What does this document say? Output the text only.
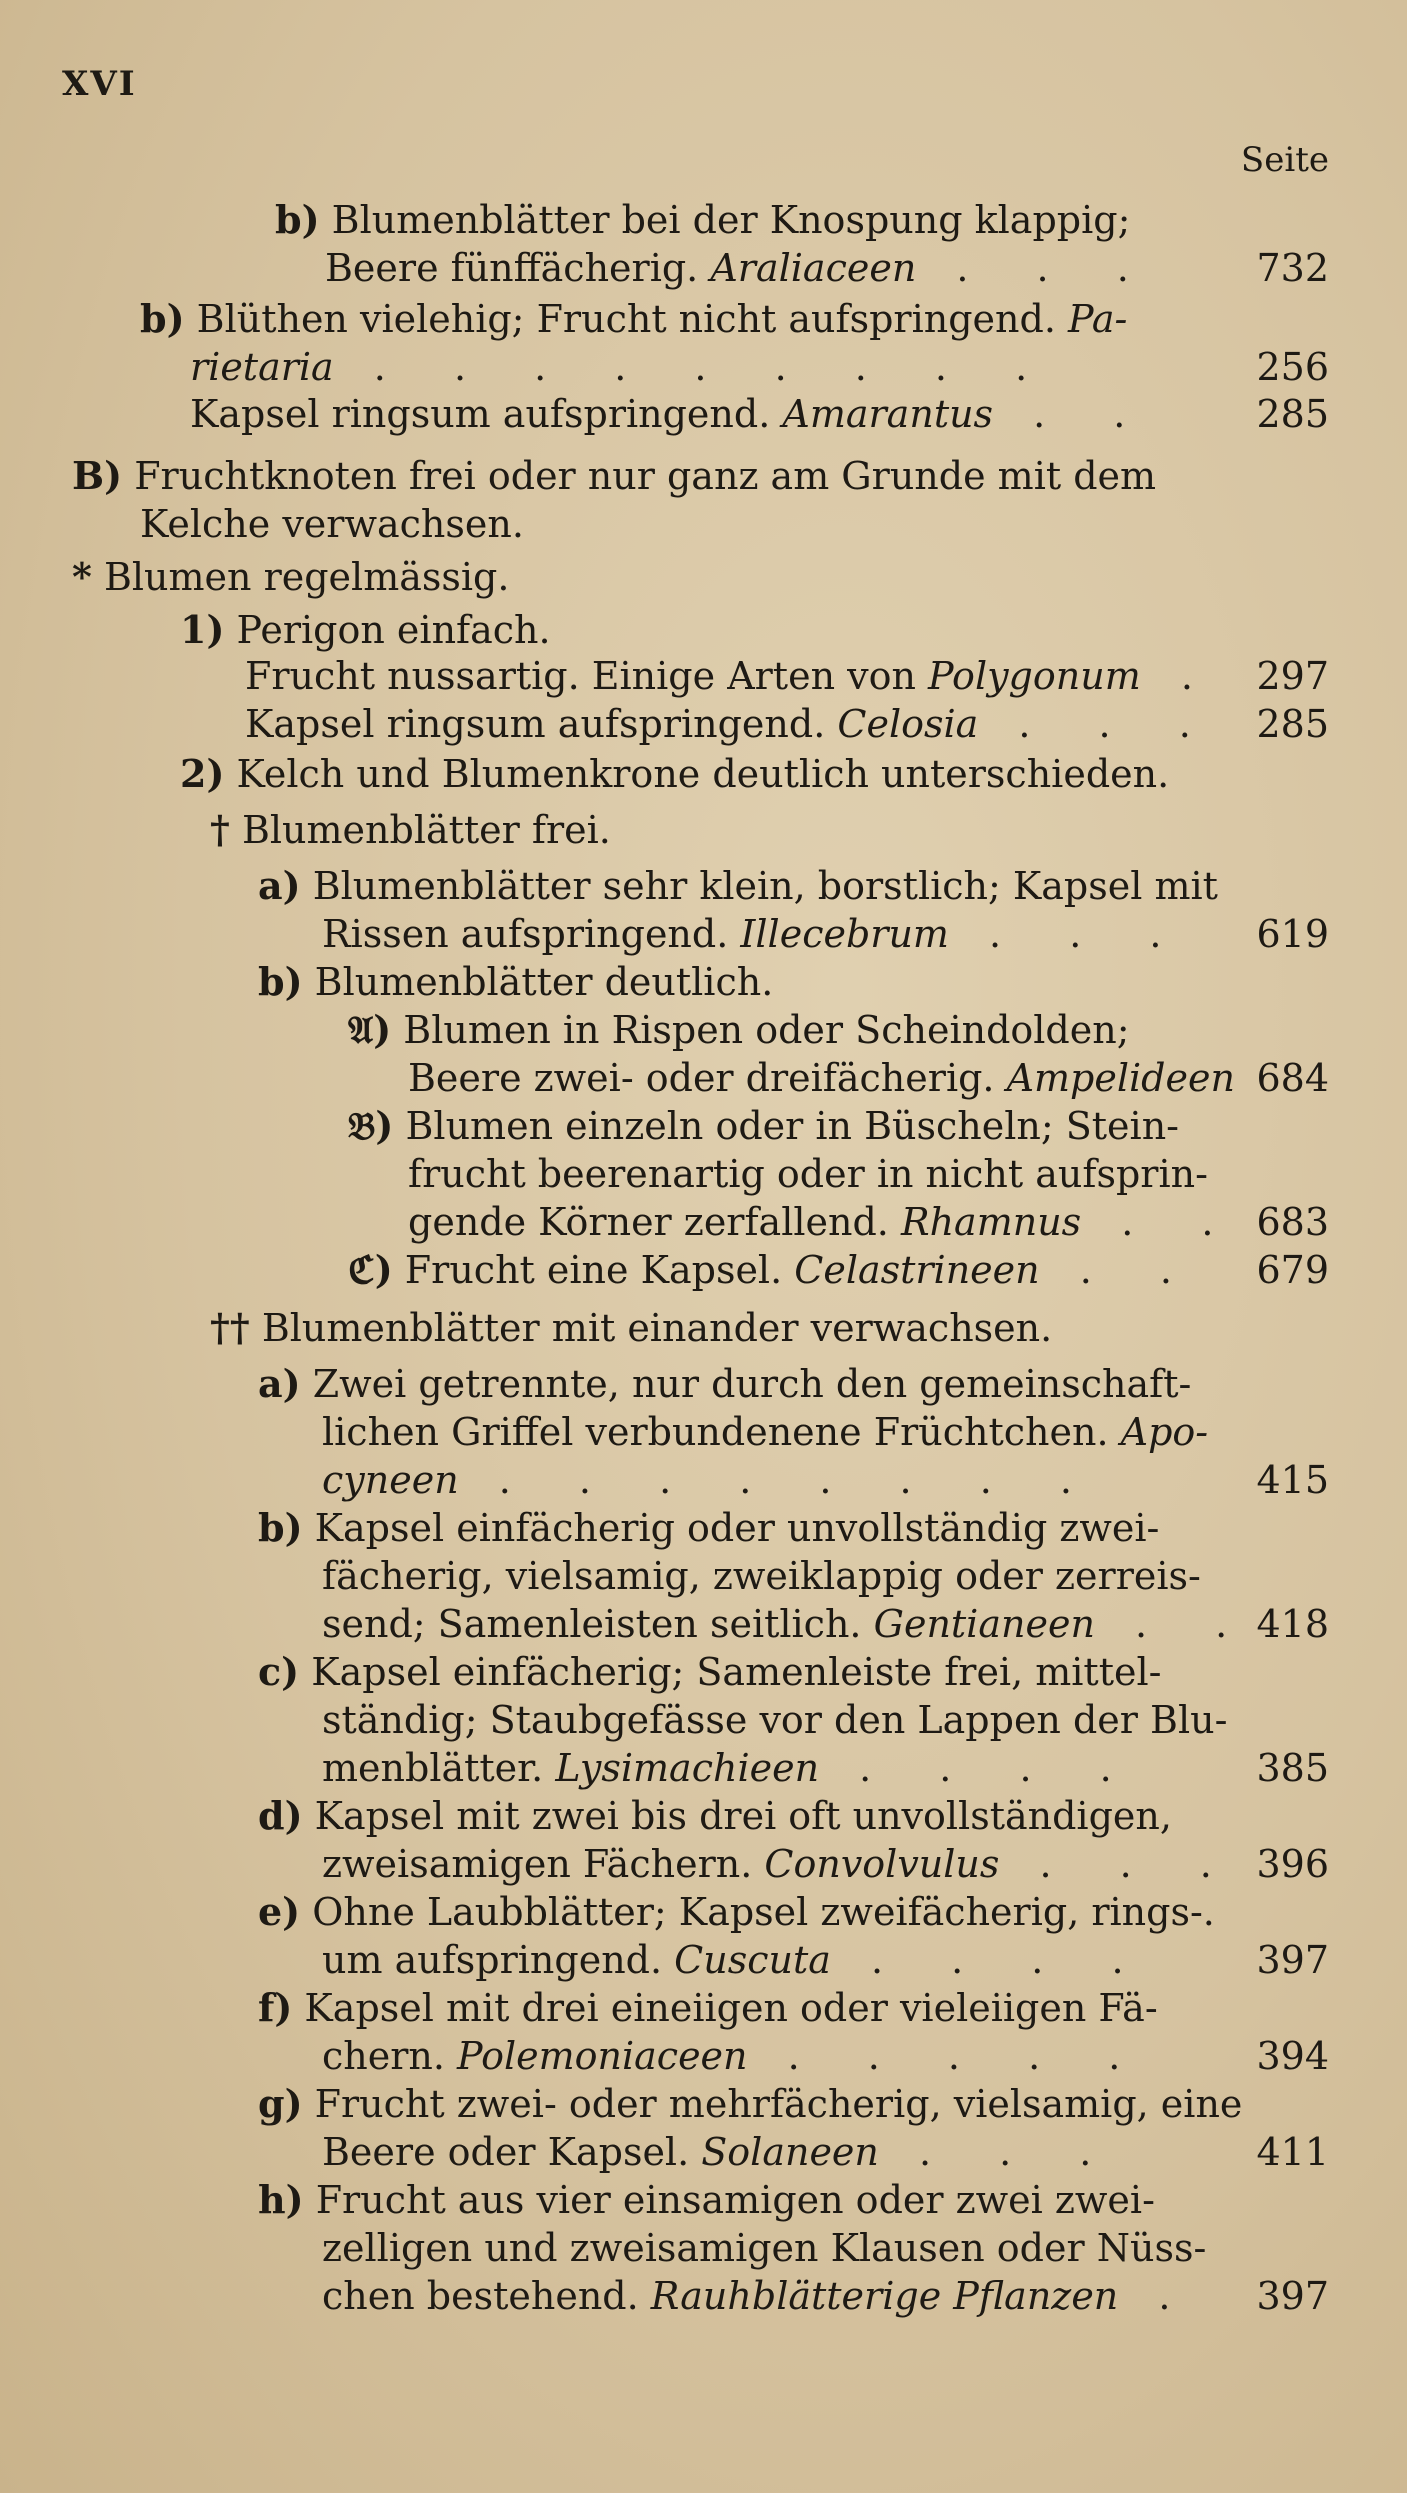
XVI
Seite
b) Blumenblätter bei der Knospung klappig;
Beere fünffächerig. Araliaceen . . .	732
b) Blüthen vielehig; Frucht nicht aufspringend. Pa-
rietaria . . . . . . . . .	256
Kapsel ringsum aufspringend. Amarantus . .	285
B) Fruchtknoten frei oder nur ganz am Grunde mit dem
Kelche verwachsen.
* Blumen regelmässig.
1) Perigon einfach.
Frucht nussartig. Einige Arten von Polygonum . 297
Kapsel ringsum aufspringend. Celosia . . . 285
2) Kelch und Blumenkrone deutlich unterschieden.
† Blumenblätter frei.
a) Blumenblätter sehr klein, borstlich; Kapsel mit
Rissen aufspringend. Illecebrum . . . 619
b) Blumenblätter deutlich.
𝔄) Blumen in Rispen oder Scheindolden;
Beere zwei- oder dreifächerig. Ampelideen 684
𝔅) Blumen einzeln oder in Büscheln; Stein-
frucht beerenartig oder in nicht aufsprin-
gende Körner zerfallend. Rhamnus . . 683
ℭ) Frucht eine Kapsel. Celastrineen . . 679
†† Blumenblätter mit einander verwachsen.
a) Zwei getrennte, nur durch den gemeinschaft-
lichen Griffel verbundenene Früchtchen. Apo-
cyneen . . . . . . . .	415
b) Kapsel einfächerig oder unvollständig zwei-
fächerig, vielsamig, zweiklappig oder zerreis-
send; Samenleisten seitlich. Gentianeen . . 418
c) Kapsel einfächerig; Samenleiste frei, mittel-
ständig; Staubgefässe vor den Lappen der Blu-
menblätter. Lysimachieen . . . .	385
d) Kapsel mit zwei bis drei oft unvollständigen,
zweisamigen Fächern. Convolvulus . . . 396
e) Ohne Laubblätter; Kapsel zweifächerig, rings-.
um aufspringend. Cuscuta . . . .	397
f) Kapsel mit drei eineiigen oder vieleiigen Fä-
chern. Polemoniaceen . . . . .	394
g) Frucht zwei- oder mehrfächerig, vielsamig, eine
Beere oder Kapsel. Solaneen . . .	411
h) Frucht aus vier einsamigen oder zwei zwei-
zelligen und zweisamigen Klausen oder Nüss-
chen bestehend. Rauhblätterige Pflanzen . 397
